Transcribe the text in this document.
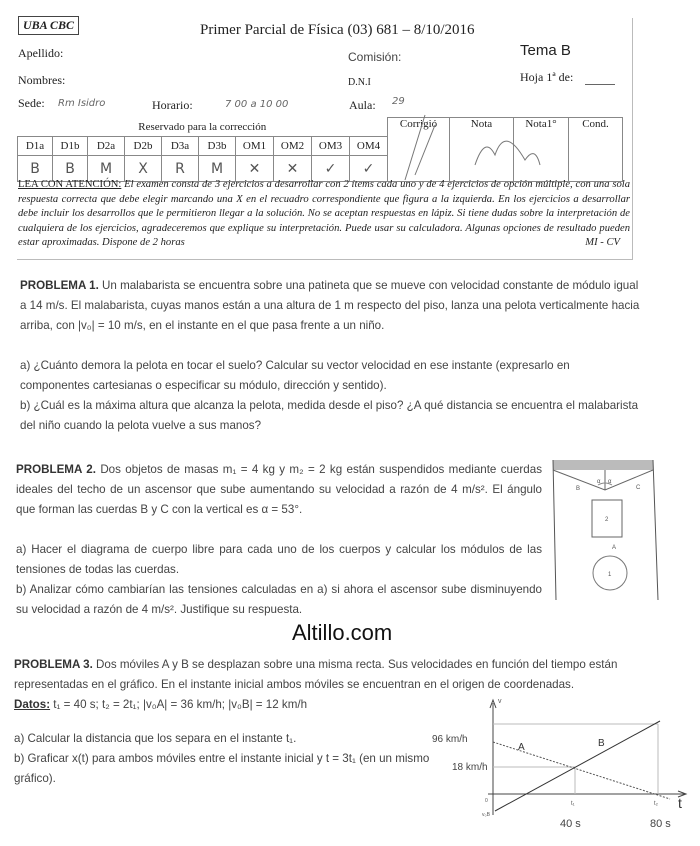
UBA CBC	Primer Parcial de Física (03) 681 – 8/10/2016
Apellido:	Comisión:	Tema B
Nombres:	D.N.I	Hoja 1ª de:
Sede: Rm Isidro	Horario:	7 00 a 10 00	Aula: 29
Reservado para la corrección										Corrigió	Nota	Nota1°	Cond.
D1a	D1b	D2a	D2b	D3a	D3b	OM1	OM2	OM3	OM4				
B	B	M	X	R	M	✕	✕	✓	✓				
LEA CON ATENCIÓN: El examen consta de 3 ejercicios a desarrollar con 2 ítems cada uno y de 4 ejercicios de opción múltiple, con una sola respuesta correcta que debe elegir marcando una X en el recuadro correspondiente que figura a la izquierda. En los ejercicios a desarrollar debe incluir los desarrollos que le permitieron llegar a la solución. No se aceptan respuestas en lápiz. Si tiene dudas sobre la interpretación de cualquiera de los ejercicios, agradeceremos que explique su interpretación. Puede usar su calculadora. Algunas opciones de resultado pueden estar aproximadas. Dispone de 2 horas	MI - CV

PROBLEMA 1. Un malabarista se encuentra sobre una patineta que se mueve con velocidad constante de módulo igual a 14 m/s. El malabarista, cuyas manos están a una altura de 1 m respecto del piso, lanza una pelota verticalmente hacia arriba, con |v₀| = 10 m/s, en el instante en el que pasa frente a un niño.

a) ¿Cuánto demora la pelota en tocar el suelo? Calcular su vector velocidad en ese instante (expresarlo en componentes cartesianas o especificar su módulo, dirección y sentido).

b) ¿Cuál es la máxima altura que alcanza la pelota, medida desde el piso? ¿A qué distancia se encuentra el malabarista del niño cuando la pelota vuelve a sus manos?

PROBLEMA 2. Dos objetos de masas m₁ = 4 kg y m₂ = 2 kg están suspendidos mediante cuerdas ideales del techo de un ascensor que sube aumentando su velocidad a razón de 4 m/s². El ángulo que forman las cuerdas B y C con la vertical es α = 53°.

a) Hacer el diagrama de cuerpo libre para cada uno de los cuerpos y calcular los módulos de las tensiones de todas las cuerdas.

b) Analizar cómo cambiarían las tensiones calculadas en a) si ahora el ascensor sube disminuyendo su velocidad a razón de 4 m/s². Justifique su respuesta.

B
α α
C
2
A
1
Altillo.com

PROBLEMA 3. Dos móviles A y B se desplazan sobre una misma recta. Sus velocidades en función del tiempo están representadas en el gráfico. En el instante inicial ambos móviles se encuentran en el origen de coordenadas.

Datos: t₁ = 40 s; t₂ = 2t₁; |v₀A| = 36 km/h; |v₀B| = 12 km/h

a) Calcular la distancia que los separa en el instante t₁.

b) Graficar x(t) para ambos móviles entre el instante inicial y t = 3t₁ (en un mismo gráfico).

v
t
0
A	B
t₁	t₂
v₀B
96 km/h
18 km/h
40 s	80 s
